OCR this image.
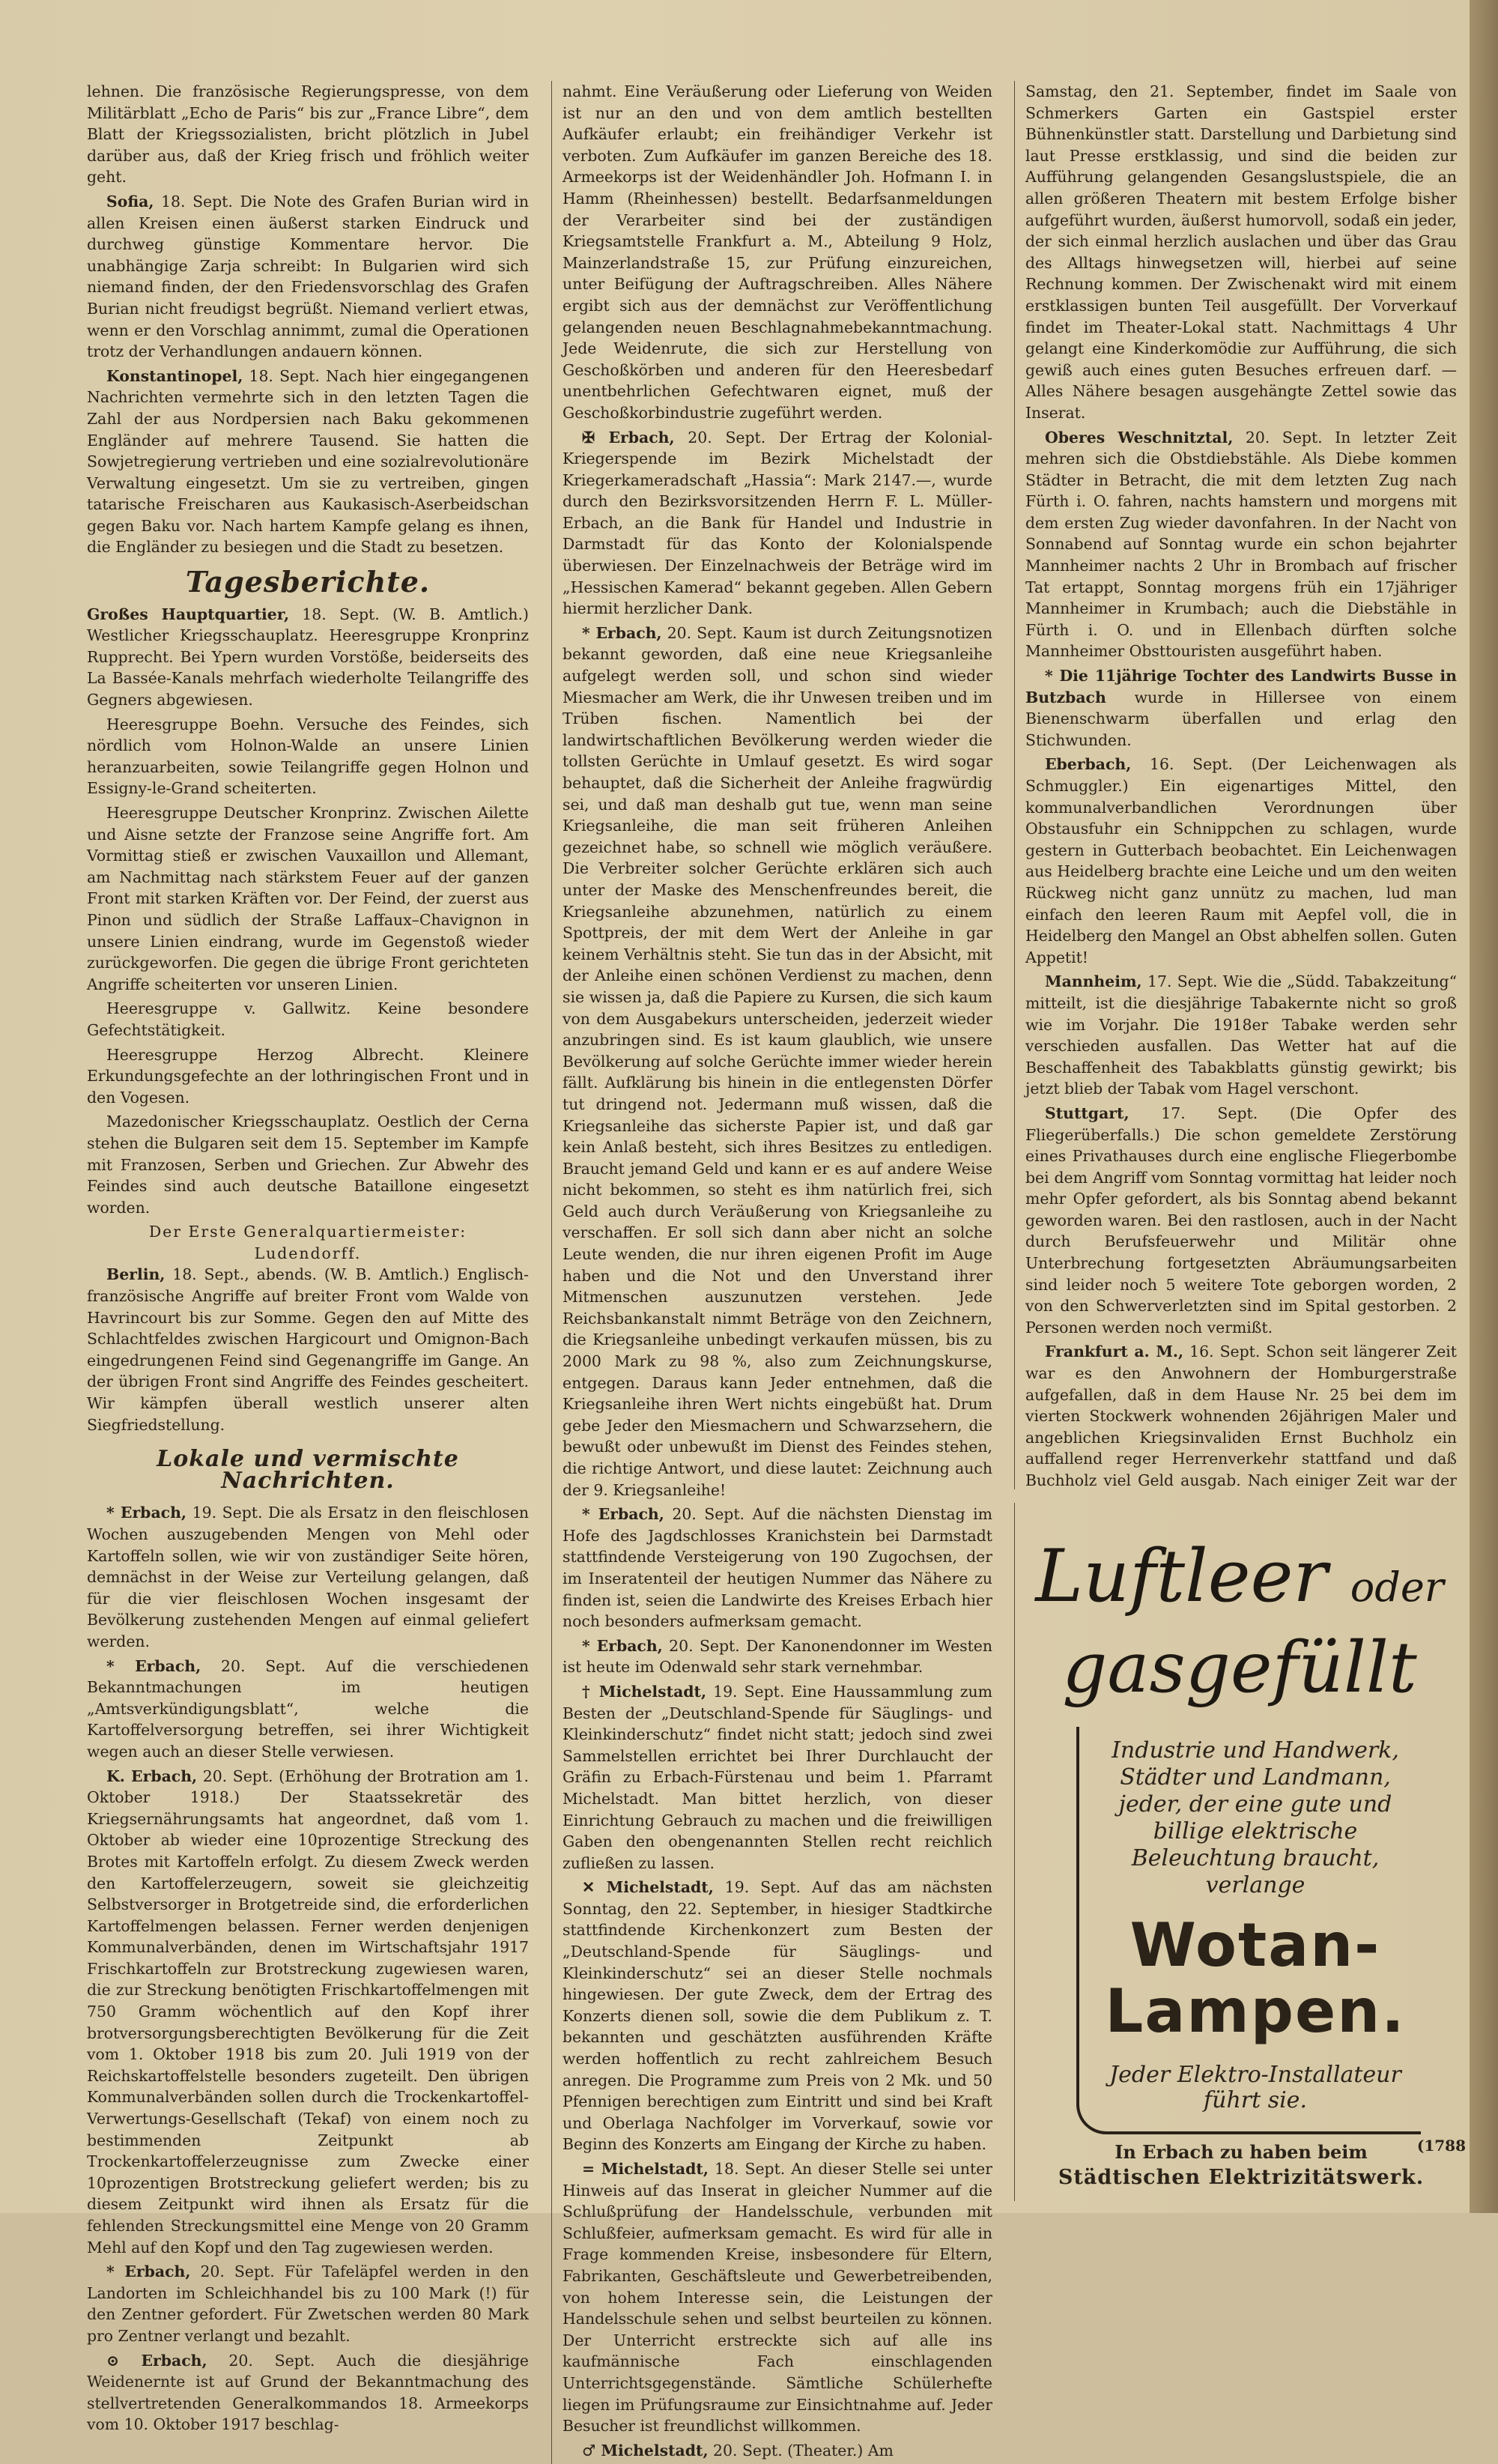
lehnen. Die französische Regierungspresse, von dem Militärblatt „Echo de Paris“ bis zur „France Libre“, dem Blatt der Kriegssozialisten, bricht plötzlich in Jubel darüber aus, daß der Krieg frisch und fröhlich weiter geht.

Sofia, 18. Sept. Die Note des Grafen Burian wird in allen Kreisen einen äußerst starken Eindruck und durchweg günstige Kommentare hervor. Die unabhängige Zarja schreibt: In Bulgarien wird sich niemand finden, der den Friedensvorschlag des Grafen Burian nicht freudigst begrüßt. Niemand verliert etwas, wenn er den Vorschlag annimmt, zumal die Operationen trotz der Verhandlungen andauern können.

Konstantinopel, 18. Sept. Nach hier eingegangenen Nachrichten vermehrte sich in den letzten Tagen die Zahl der aus Nordpersien nach Baku gekommenen Engländer auf mehrere Tausend. Sie hatten die Sowjetregierung vertrieben und eine sozialrevolutionäre Verwaltung eingesetzt. Um sie zu vertreiben, gingen tatarische Freischaren aus Kaukasisch-Aserbeidschan gegen Baku vor. Nach hartem Kampfe gelang es ihnen, die Engländer zu besiegen und die Stadt zu besetzen.

Tagesberichte.

Großes Hauptquartier, 18. Sept. (W. B. Amtlich.) Westlicher Kriegsschauplatz. Heeresgruppe Kronprinz Rupprecht. Bei Ypern wurden Vorstöße, beiderseits des La Bassée-Kanals mehrfach wiederholte Teilangriffe des Gegners abgewiesen.

Heeresgruppe Boehn. Versuche des Feindes, sich nördlich vom Holnon-Walde an unsere Linien heranzuarbeiten, sowie Teilangriffe gegen Holnon und Essigny-le-Grand scheiterten.

Heeresgruppe Deutscher Kronprinz. Zwischen Ailette und Aisne setzte der Franzose seine Angriffe fort. Am Vormittag stieß er zwischen Vauxaillon und Allemant, am Nachmittag nach stärkstem Feuer auf der ganzen Front mit starken Kräften vor. Der Feind, der zuerst aus Pinon und südlich der Straße Laffaux–Chavignon in unsere Linien eindrang, wurde im Gegenstoß wieder zurückgeworfen. Die gegen die übrige Front gerichteten Angriffe scheiterten vor unseren Linien.

Heeresgruppe v. Gallwitz. Keine besondere Gefechtstätigkeit.

Heeresgruppe Herzog Albrecht. Kleinere Erkundungsgefechte an der lothringischen Front und in den Vogesen.

Mazedonischer Kriegsschauplatz. Oestlich der Cerna stehen die Bulgaren seit dem 15. September im Kampfe mit Franzosen, Serben und Griechen. Zur Abwehr des Feindes sind auch deutsche Bataillone eingesetzt worden.

Der Erste Generalquartiermeister:
Ludendorff.

Berlin, 18. Sept., abends. (W. B. Amtlich.) Englisch-französische Angriffe auf breiter Front vom Walde von Havrincourt bis zur Somme. Gegen den auf Mitte des Schlachtfeldes zwischen Hargicourt und Omignon-Bach eingedrungenen Feind sind Gegenangriffe im Gange. An der übrigen Front sind Angriffe des Feindes gescheitert. Wir kämpfen überall westlich unserer alten Siegfriedstellung.

Lokale und vermischte Nachrichten.

* Erbach, 19. Sept. Die als Ersatz in den fleischlosen Wochen auszugebenden Mengen von Mehl oder Kartoffeln sollen, wie wir von zuständiger Seite hören, demnächst in der Weise zur Verteilung gelangen, daß für die vier fleischlosen Wochen insgesamt der Bevölkerung zustehenden Mengen auf einmal geliefert werden.

* Erbach, 20. Sept. Auf die verschiedenen Bekanntmachungen im heutigen „Amtsverkündigungsblatt“, welche die Kartoffelversorgung betreffen, sei ihrer Wichtigkeit wegen auch an dieser Stelle verwiesen.

K. Erbach, 20. Sept. (Erhöhung der Brotration am 1. Oktober 1918.) Der Staatssekretär des Kriegsernährungsamts hat angeordnet, daß vom 1. Oktober ab wieder eine 10prozentige Streckung des Brotes mit Kartoffeln erfolgt. Zu diesem Zweck werden den Kartoffelerzeugern, soweit sie gleichzeitig Selbstversorger in Brotgetreide sind, die erforderlichen Kartoffelmengen belassen. Ferner werden denjenigen Kommunalverbänden, denen im Wirtschaftsjahr 1917 Frischkartoffeln zur Brotstreckung zugewiesen waren, die zur Streckung benötigten Frischkartoffelmengen mit 750 Gramm wöchentlich auf den Kopf ihrer brotversorgungsberechtigten Bevölkerung für die Zeit vom 1. Oktober 1918 bis zum 20. Juli 1919 von der Reichskartoffelstelle besonders zugeteilt. Den übrigen Kommunalverbänden sollen durch die Trockenkartoffel-Verwertungs-Gesellschaft (Tekaf) von einem noch zu bestimmenden Zeitpunkt ab Trockenkartoffelerzeugnisse zum Zwecke einer 10prozentigen Brotstreckung geliefert werden; bis zu diesem Zeitpunkt wird ihnen als Ersatz für die fehlenden Streckungsmittel eine Menge von 20 Gramm Mehl auf den Kopf und den Tag zugewiesen werden.

* Erbach, 20. Sept. Für Tafeläpfel werden in den Landorten im Schleichhandel bis zu 100 Mark (!) für den Zentner gefordert. Für Zwetschen werden 80 Mark pro Zentner verlangt und bezahlt.

⊙ Erbach, 20. Sept. Auch die diesjährige Weidenernte ist auf Grund der Bekanntmachung des stellvertretenden Generalkommandos 18. Armeekorps vom 10. Oktober 1917 beschlag-

nahmt. Eine Veräußerung oder Lieferung von Weiden ist nur an den und von dem amtlich bestellten Aufkäufer erlaubt; ein freihändiger Verkehr ist verboten. Zum Aufkäufer im ganzen Bereiche des 18. Armeekorps ist der Weidenhändler Joh. Hofmann I. in Hamm (Rheinhessen) bestellt. Bedarfsanmeldungen der Verarbeiter sind bei der zuständigen Kriegsamtstelle Frankfurt a. M., Abteilung 9 Holz, Mainzerlandstraße 15, zur Prüfung einzureichen, unter Beifügung der Auftragschreiben. Alles Nähere ergibt sich aus der demnächst zur Veröffentlichung gelangenden neuen Beschlagnahmebekanntmachung. Jede Weidenrute, die sich zur Herstellung von Geschoßkörben und anderen für den Heeresbedarf unentbehrlichen Gefechtwaren eignet, muß der Geschoßkorbindustrie zugeführt werden.

✠ Erbach, 20. Sept. Der Ertrag der Kolonial-Kriegerspende im Bezirk Michelstadt der Kriegerkameradschaft „Hassia“: Mark 2147.—, wurde durch den Bezirksvorsitzenden Herrn F. L. Müller-Erbach, an die Bank für Handel und Industrie in Darmstadt für das Konto der Kolonialspende überwiesen. Der Einzelnachweis der Beträge wird im „Hessischen Kamerad“ bekannt gegeben. Allen Gebern hiermit herzlicher Dank.

* Erbach, 20. Sept. Kaum ist durch Zeitungsnotizen bekannt geworden, daß eine neue Kriegsanleihe aufgelegt werden soll, und schon sind wieder Miesmacher am Werk, die ihr Unwesen treiben und im Trüben fischen. Namentlich bei der landwirtschaftlichen Bevölkerung werden wieder die tollsten Gerüchte in Umlauf gesetzt. Es wird sogar behauptet, daß die Sicherheit der Anleihe fragwürdig sei, und daß man deshalb gut tue, wenn man seine Kriegsanleihe, die man seit früheren Anleihen gezeichnet habe, so schnell wie möglich veräußere. Die Verbreiter solcher Gerüchte erklären sich auch unter der Maske des Menschenfreundes bereit, die Kriegsanleihe abzunehmen, natürlich zu einem Spottpreis, der mit dem Wert der Anleihe in gar keinem Verhältnis steht. Sie tun das in der Absicht, mit der Anleihe einen schönen Verdienst zu machen, denn sie wissen ja, daß die Papiere zu Kursen, die sich kaum von dem Ausgabekurs unterscheiden, jederzeit wieder anzubringen sind. Es ist kaum glaublich, wie unsere Bevölkerung auf solche Gerüchte immer wieder herein fällt. Aufklärung bis hinein in die entlegensten Dörfer tut dringend not. Jedermann muß wissen, daß die Kriegsanleihe das sicherste Papier ist, und daß gar kein Anlaß besteht, sich ihres Besitzes zu entledigen. Braucht jemand Geld und kann er es auf andere Weise nicht bekommen, so steht es ihm natürlich frei, sich Geld auch durch Veräußerung von Kriegsanleihe zu verschaffen. Er soll sich dann aber nicht an solche Leute wenden, die nur ihren eigenen Profit im Auge haben und die Not und den Unverstand ihrer Mitmenschen auszunutzen verstehen. Jede Reichsbankanstalt nimmt Beträge von den Zeichnern, die Kriegsanleihe unbedingt verkaufen müssen, bis zu 2000 Mark zu 98 %, also zum Zeichnungskurse, entgegen. Daraus kann Jeder entnehmen, daß die Kriegsanleihe ihren Wert nichts eingebüßt hat. Drum gebe Jeder den Miesmachern und Schwarzsehern, die bewußt oder unbewußt im Dienst des Feindes stehen, die richtige Antwort, und diese lautet: Zeichnung auch der 9. Kriegsanleihe!

* Erbach, 20. Sept. Auf die nächsten Dienstag im Hofe des Jagdschlosses Kranichstein bei Darmstadt stattfindende Versteigerung von 190 Zugochsen, der im Inseratenteil der heutigen Nummer das Nähere zu finden ist, seien die Landwirte des Kreises Erbach hier noch besonders aufmerksam gemacht.

* Erbach, 20. Sept. Der Kanonendonner im Westen ist heute im Odenwald sehr stark vernehmbar.

† Michelstadt, 19. Sept. Eine Haussammlung zum Besten der „Deutschland-Spende für Säuglings- und Kleinkinderschutz“ findet nicht statt; jedoch sind zwei Sammelstellen errichtet bei Ihrer Durchlaucht der Gräfin zu Erbach-Fürstenau und beim 1. Pfarramt Michelstadt. Man bittet herzlich, von dieser Einrichtung Gebrauch zu machen und die freiwilligen Gaben den obengenannten Stellen recht reichlich zufließen zu lassen.

✕ Michelstadt, 19. Sept. Auf das am nächsten Sonntag, den 22. September, in hiesiger Stadtkirche stattfindende Kirchenkonzert zum Besten der „Deutschland-Spende für Säuglings- und Kleinkinderschutz“ sei an dieser Stelle nochmals hingewiesen. Der gute Zweck, dem der Ertrag des Konzerts dienen soll, sowie die dem Publikum z. T. bekannten und geschätzten ausführenden Kräfte werden hoffentlich zu recht zahlreichem Besuch anregen. Die Programme zum Preis von 2 Mk. und 50 Pfennigen berechtigen zum Eintritt und sind bei Kraft und Oberlaga Nachfolger im Vorverkauf, sowie vor Beginn des Konzerts am Eingang der Kirche zu haben.

= Michelstadt, 18. Sept. An dieser Stelle sei unter Hinweis auf das Inserat in gleicher Nummer auf die Schlußprüfung der Handelsschule, verbunden mit Schlußfeier, aufmerksam gemacht. Es wird für alle in Frage kommenden Kreise, insbesondere für Eltern, Fabrikanten, Geschäftsleute und Gewerbetreibenden, von hohem Interesse sein, die Leistungen der Handelsschule sehen und selbst beurteilen zu können. Der Unterricht erstreckte sich auf alle ins kaufmännische Fach einschlagenden Unterrichtsgegenstände. Sämtliche Schülerhefte liegen im Prüfungsraume zur Einsichtnahme auf. Jeder Besucher ist freundlichst willkommen.

♂ Michelstadt, 20. Sept. (Theater.) Am

Samstag, den 21. September, findet im Saale von Schmerkers Garten ein Gastspiel erster Bühnenkünstler statt. Darstellung und Darbietung sind laut Presse erstklassig, und sind die beiden zur Aufführung gelangenden Gesangslustspiele, die an allen größeren Theatern mit bestem Erfolge bisher aufgeführt wurden, äußerst humorvoll, sodaß ein jeder, der sich einmal herzlich auslachen und über das Grau des Alltags hinwegsetzen will, hierbei auf seine Rechnung kommen. Der Zwischenakt wird mit einem erstklassigen bunten Teil ausgefüllt. Der Vorverkauf findet im Theater-Lokal statt. Nachmittags 4 Uhr gelangt eine Kinderkomödie zur Aufführung, die sich gewiß auch eines guten Besuches erfreuen darf. — Alles Nähere besagen ausgehängte Zettel sowie das Inserat.

Oberes Weschnitztal, 20. Sept. In letzter Zeit mehren sich die Obstdiebstähle. Als Diebe kommen Städter in Betracht, die mit dem letzten Zug nach Fürth i. O. fahren, nachts hamstern und morgens mit dem ersten Zug wieder davonfahren. In der Nacht von Sonnabend auf Sonntag wurde ein schon bejahrter Mannheimer nachts 2 Uhr in Brombach auf frischer Tat ertappt, Sonntag morgens früh ein 17jähriger Mannheimer in Krumbach; auch die Diebstähle in Fürth i. O. und in Ellenbach dürften solche Mannheimer Obsttouristen ausgeführt haben.

* Die 11jährige Tochter des Landwirts Busse in Butzbach wurde in Hillersee von einem Bienenschwarm überfallen und erlag den Stichwunden.

Eberbach, 16. Sept. (Der Leichenwagen als Schmuggler.) Ein eigenartiges Mittel, den kommunalverbandlichen Verordnungen über Obstausfuhr ein Schnippchen zu schlagen, wurde gestern in Gutterbach beobachtet. Ein Leichenwagen aus Heidelberg brachte eine Leiche und um den weiten Rückweg nicht ganz unnütz zu machen, lud man einfach den leeren Raum mit Aepfel voll, die in Heidelberg den Mangel an Obst abhelfen sollen. Guten Appetit!

Mannheim, 17. Sept. Wie die „Südd. Tabakzeitung“ mitteilt, ist die diesjährige Tabakernte nicht so groß wie im Vorjahr. Die 1918er Tabake werden sehr verschieden ausfallen. Das Wetter hat auf die Beschaffenheit des Tabakblatts günstig gewirkt; bis jetzt blieb der Tabak vom Hagel verschont.

Stuttgart, 17. Sept. (Die Opfer des Fliegerüberfalls.) Die schon gemeldete Zerstörung eines Privathauses durch eine englische Fliegerbombe bei dem Angriff vom Sonntag vormittag hat leider noch mehr Opfer gefordert, als bis Sonntag abend bekannt geworden waren. Bei den rastlosen, auch in der Nacht durch Berufsfeuerwehr und Militär ohne Unterbrechung fortgesetzten Abräumungsarbeiten sind leider noch 5 weitere Tote geborgen worden, 2 von den Schwerverletzten sind im Spital gestorben. 2 Personen werden noch vermißt.

Frankfurt a. M., 16. Sept. Schon seit längerer Zeit war es den Anwohnern der Homburgerstraße aufgefallen, daß in dem Hause Nr. 25 bei dem im vierten Stockwerk wohnenden 26jährigen Maler und angeblichen Kriegsinvaliden Ernst Buchholz ein auffallend reger Herrenverkehr stattfand und daß Buchholz viel Geld ausgab. Nach einiger Zeit war der

Luftleer oder
gasgefüllt
Industrie und Handwerk, Städter und Landmann, jeder, der eine gute und billige elektrische Beleuchtung braucht, verlange
Wotan-
Lampen.
Jeder Elektro-Installateur führt sie.
In Erbach zu haben beim
Städtischen Elektrizitätswerk.
(1788
